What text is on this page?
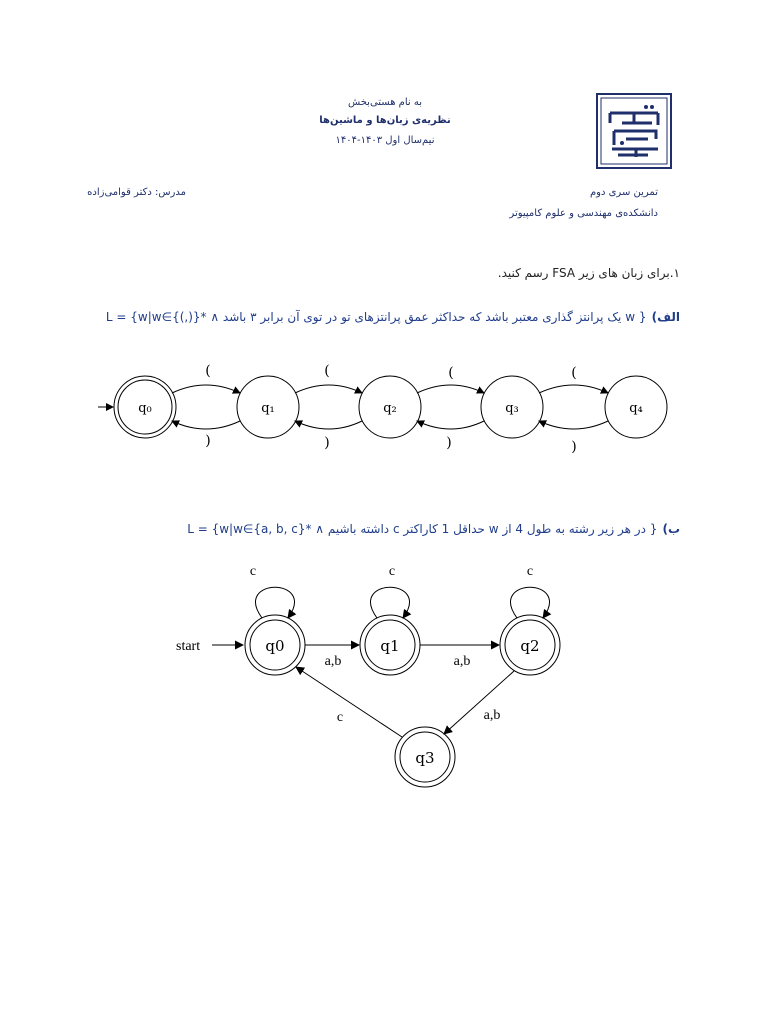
به نام هستی‌بخش
نظریه‌ی زبان‌ها و ماشین‌ها
نیم‌سال اول ۱۴۰۳-۱۴۰۴
تمرین سری دوم
دانشکده‌ی مهندسی و علوم کامپیوتر
مدرس: دکتر قوامی‌زاده
۱.برای زبان های زیر FSA رسم کنید.
الف) { w یک پرانتز گذاری معتبر باشد که حداکثر عمق پرانتزهای تو در توی آن برابر ۳ باشد ∧ *{(,)}∋L = {w|w
q₀	q₁	q₂	q₃	q₄
(	(	(	(
)	)	)	)
ب) { در هر زیر رشته به طول 4 از w حداقل 1 کاراکتر c داشته باشیم ∧ *{a, b, c}∋L = {w|w
start	q0	q1	q2
q3
c	c	c
a,b	a,b
a,b
c
